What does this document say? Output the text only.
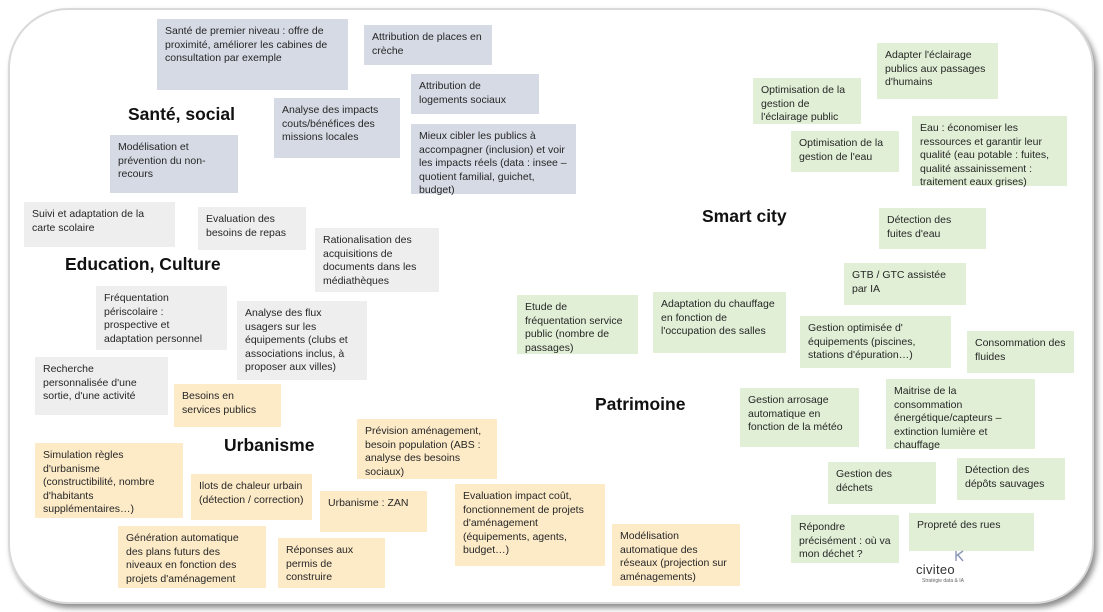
Santé, social
Education, Culture
Urbanisme
Smart city
Patrimoine
Santé de premier niveau : offre de proximité, améliorer les cabines de consultation par exemple
Attribution de places en crèche
Attribution de logements sociaux
Analyse des impacts couts/bénéfices des missions locales	Mieux cibler les publics à accompagner (inclusion) et voir les impacts réels (data : insee – quotient familial, guichet, budget)
Modélisation et prévention du non-recours
Suivi et adaptation de la carte scolaire
Evaluation des besoins de repas
Rationalisation des acquisitions de documents dans les médiathèques
Fréquentation périscolaire : prospective et adaptation personnel
Analyse des flux usagers sur les équipements (clubs et associations inclus, à proposer aux villes)
Recherche personnalisée d'une sortie, d'une activité	Besoins en services publics
Prévision aménagement, besoin population (ABS : analyse des besoins sociaux)
Simulation règles d'urbanisme (constructibilité, nombre d'habitants supplémentaires…)
Ilots de chaleur urbain (détection / correction)	Urbanisme : ZAN
Evaluation impact coût, fonctionnement de projets d'aménagement (équipements, agents, budget…)
Génération automatique des plans futurs des niveaux en fonction des projets d'aménagement
Réponses aux permis de construire
Modélisation automatique des réseaux (projection sur aménagements)
Adapter l'éclairage publics aux passages d'humains
Optimisation de la gestion de l'éclairage public
Optimisation de la gestion de l'eau
Eau : économiser les ressources et garantir leur qualité (eau potable : fuites, qualité assainissement : traitement eaux grises)
Détection des fuites d'eau
GTB / GTC assistée par IA
Etude de fréquentation service public (nombre de passages)
Adaptation du chauffage en fonction de l'occupation des salles	Gestion optimisée d' équipements (piscines, stations d'épuration…)
Consommation des fluides
Gestion arrosage automatique en fonction de la météo
Maitrise de la consommation énergétique/capteurs – extinction lumière et chauffage
Gestion des déchets
Détection des dépôts sauvages
Répondre précisément : où va mon déchet ?
Propreté des rues
civiteo
Stratégie data & IA
